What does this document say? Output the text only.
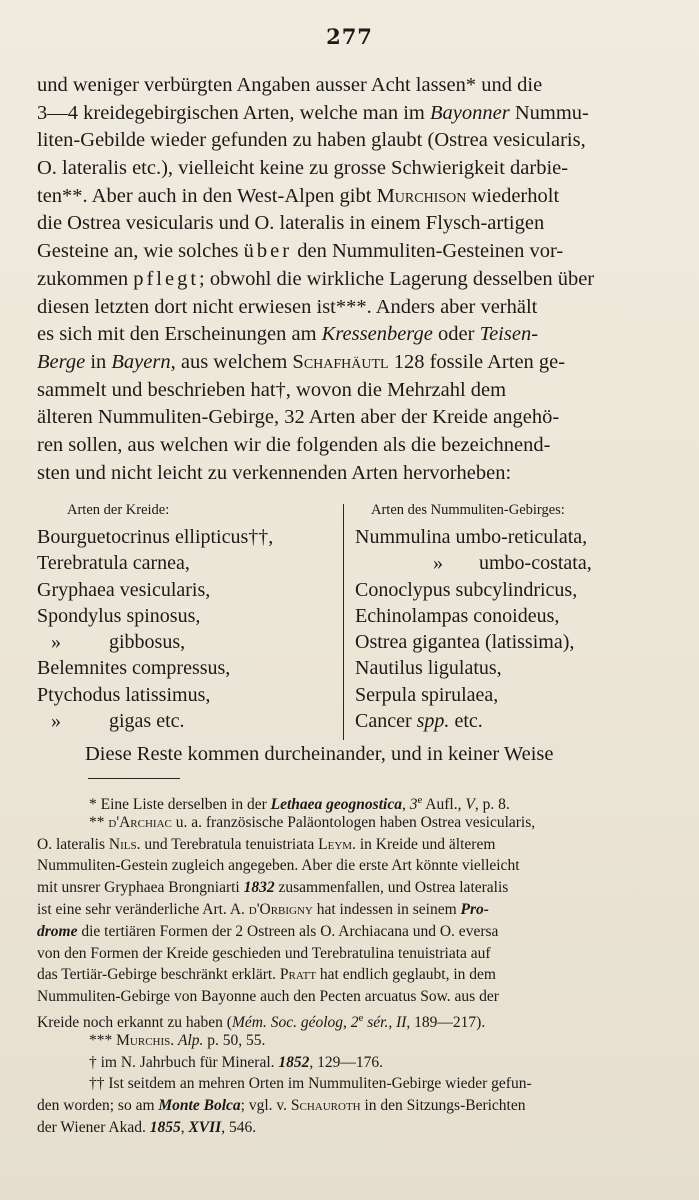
277
und weniger verbürgten Angaben ausser Acht lassen* und die
3—4 kreidegebirgischen Arten, welche man im Bayonner Nummu-
liten-Gebilde wieder gefunden zu haben glaubt (Ostrea vesicularis,
O. lateralis etc.), vielleicht keine zu grosse Schwierigkeit darbie-
ten**. Aber auch in den West-Alpen gibt Murchison wiederholt
die Ostrea vesicularis und O. lateralis in einem Flysch-artigen
Gesteine an, wie solches über den Nummuliten-Gesteinen vor-
zukommen pflegt; obwohl die wirkliche Lagerung desselben über
diesen letzten dort nicht erwiesen ist***. Anders aber verhält
es sich mit den Erscheinungen am Kressenberge oder Teisen-
Berge in Bayern, aus welchem Schafhäutl 128 fossile Arten ge-
sammelt und beschrieben hat†, wovon die Mehrzahl dem
älteren Nummuliten-Gebirge, 32 Arten aber der Kreide angehö-
ren sollen, aus welchen wir die folgenden als die bezeichnend-
sten und nicht leicht zu verkennenden Arten hervorheben:
Arten der Kreide:
Bourguetocrinus ellipticus††,
Terebratula carnea,
Gryphaea vesicularis,
Spondylus spinosus,
» gibbosus,
Belemnites compressus,
Ptychodus latissimus,
» gigas etc.
Arten des Nummuliten-Gebirges:
Nummulina umbo-reticulata,
» umbo-costata,
Conoclypus subcylindricus,
Echinolampas conoideus,
Ostrea gigantea (latissima),
Nautilus ligulatus,
Serpula spirulaea,
Cancer spp. etc.
Diese Reste kommen durcheinander, und in keiner Weise
* Eine Liste derselben in der Lethaea geognostica, 3e Aufl., V, p. 8.
** d'Archiac u. a. französische Paläontologen haben Ostrea vesicularis,
O. lateralis Nils. und Terebratula tenuistriata Leym. in Kreide und älterem
Nummuliten-Gestein zugleich angegeben. Aber die erste Art könnte vielleicht
mit unsrer Gryphaea Brongniarti 1832 zusammenfallen, und Ostrea lateralis
ist eine sehr veränderliche Art. A. d'Orbigny hat indessen in seinem Pro-
drome die tertiären Formen der 2 Ostreen als O. Archiacana und O. eversa
von den Formen der Kreide geschieden und Terebratulina tenuistriata auf
das Tertiär-Gebirge beschränkt erklärt. Pratt hat endlich geglaubt, in dem
Nummuliten-Gebirge von Bayonne auch den Pecten arcuatus Sow. aus der
Kreide noch erkannt zu haben (Mém. Soc. géolog, 2e sér., II, 189—217).
*** Murchis. Alp. p. 50, 55.
† im N. Jahrbuch für Mineral. 1852, 129—176.
†† Ist seitdem an mehren Orten im Nummuliten-Gebirge wieder gefun-
den worden; so am Monte Bolca; vgl. v. Schauroth in den Sitzungs-Berichten
der Wiener Akad. 1855, XVII, 546.
